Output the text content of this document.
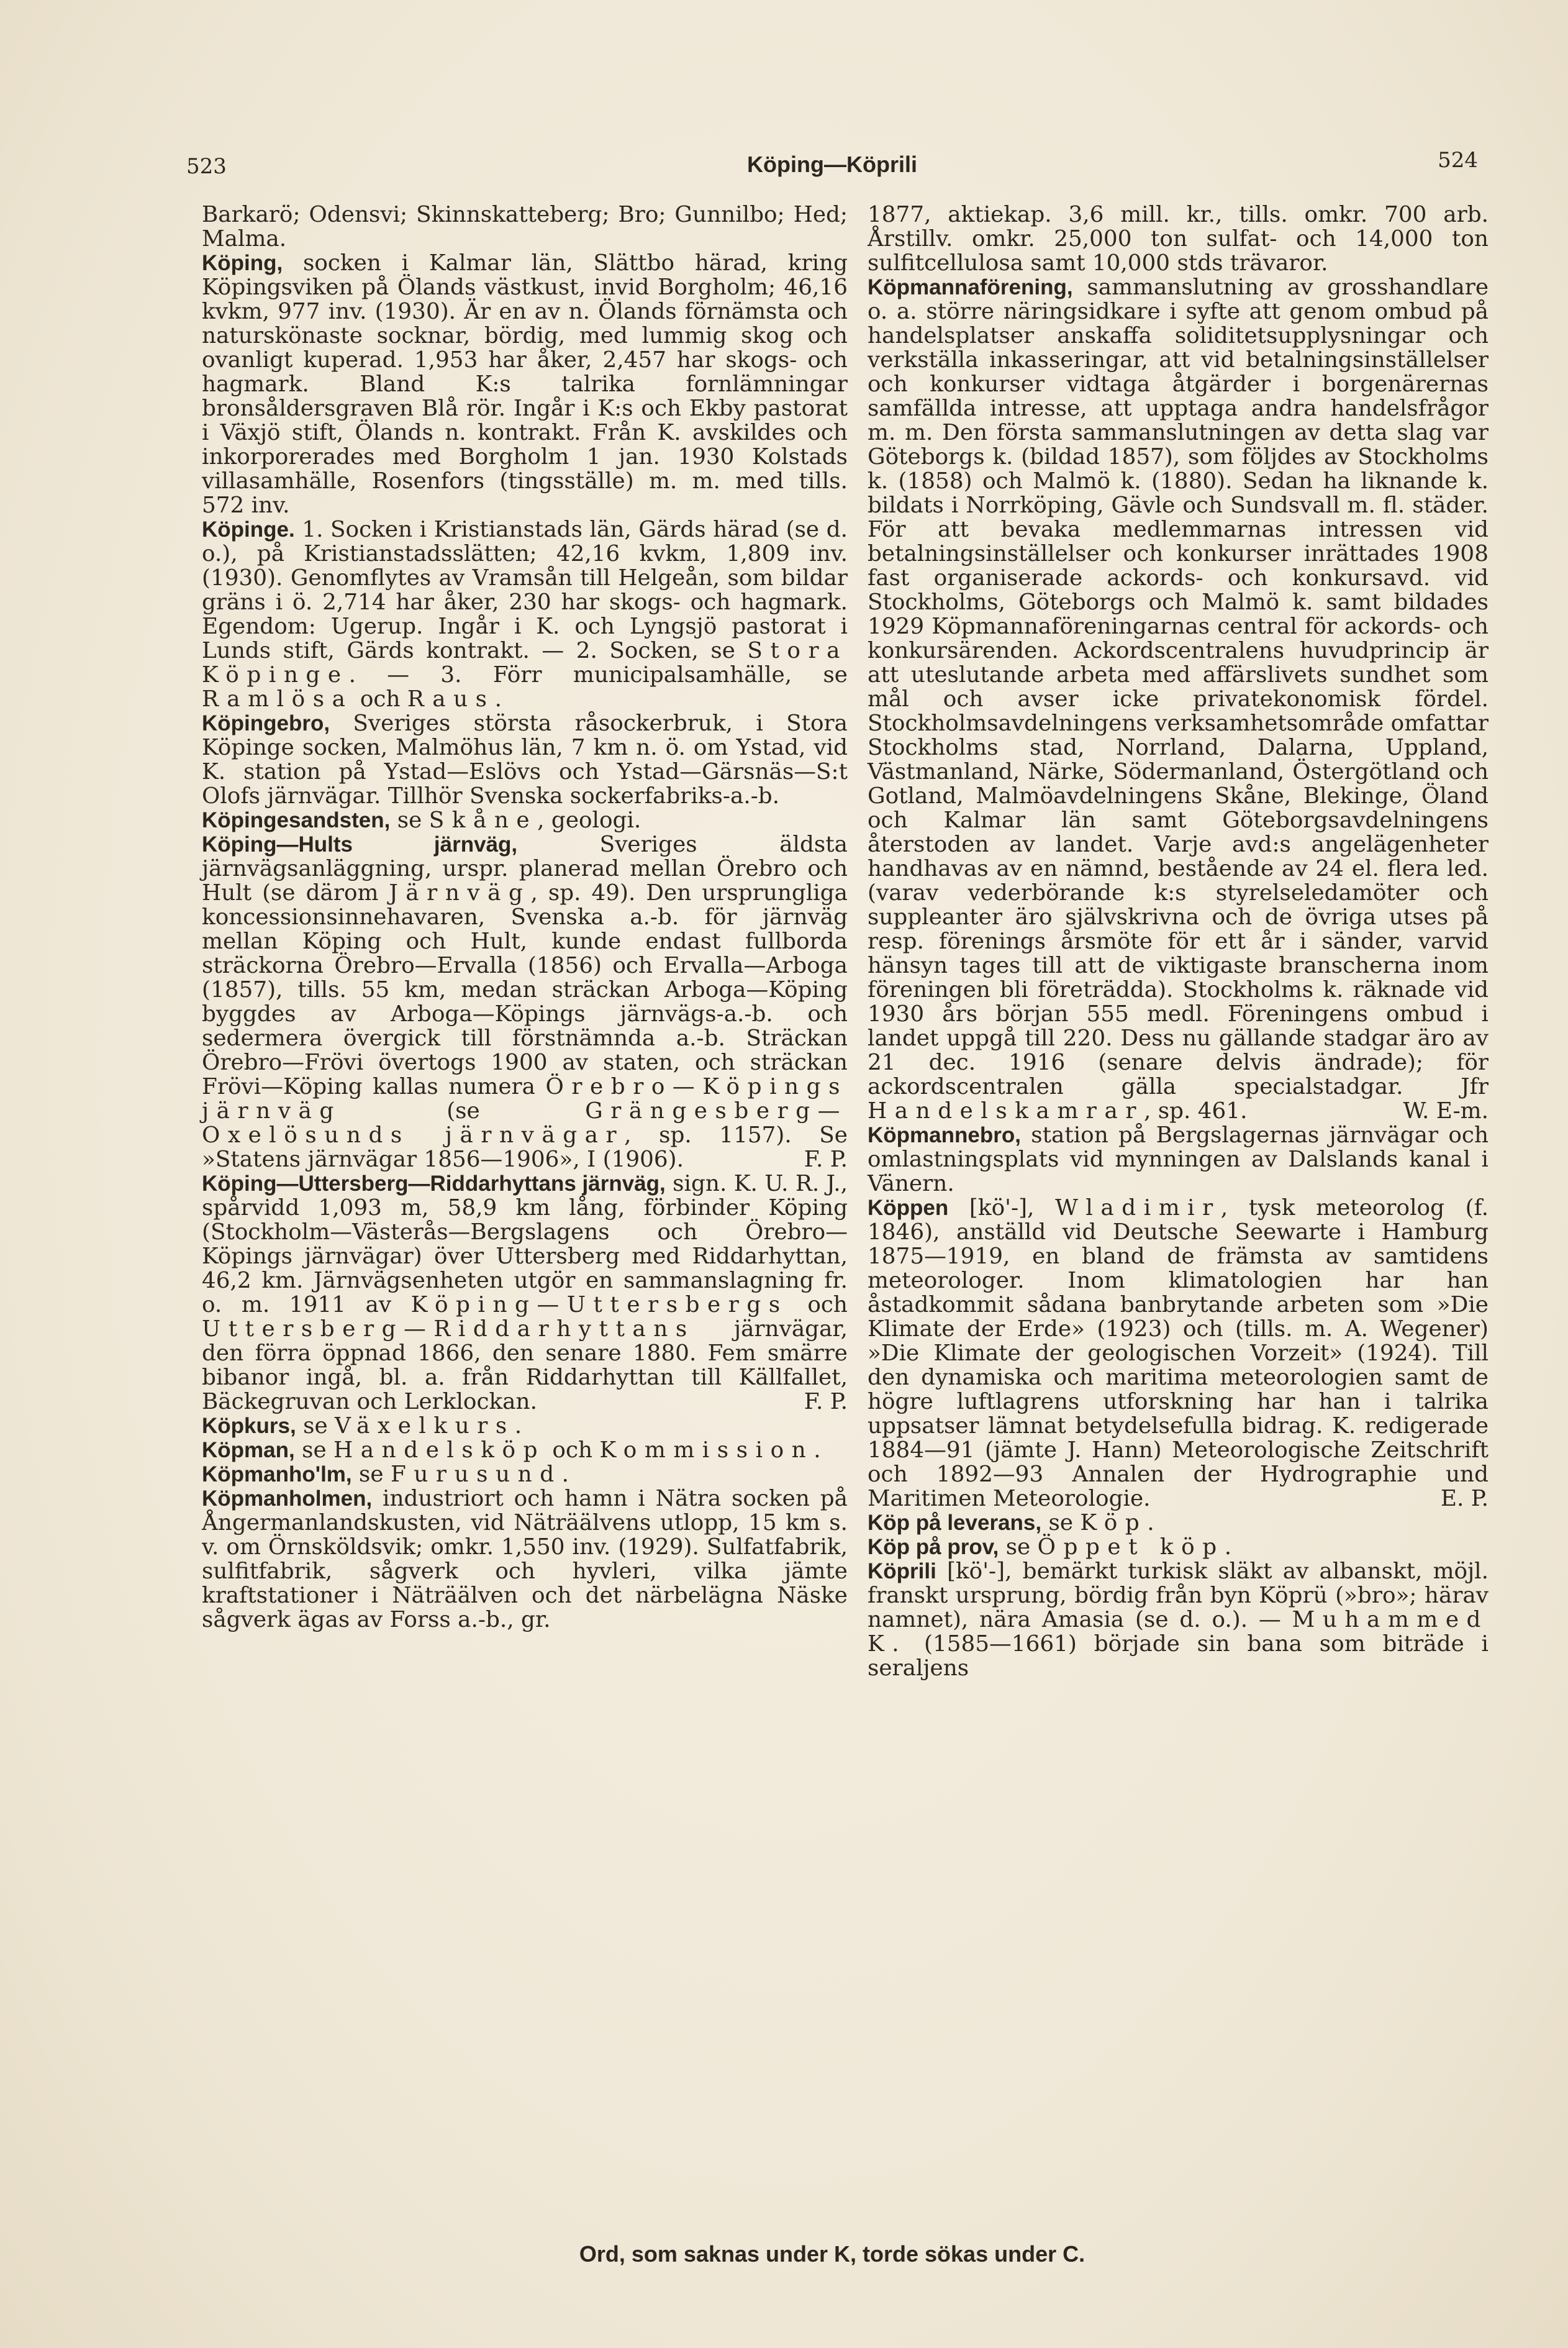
523	Köping—Köprili	524

Barkarö; Odensvi; Skinnskatteberg; Bro; Gunnilbo; Hed; Malma.

Köping, socken i Kalmar län, Slättbo härad, kring Köpingsviken på Ölands västkust, invid Borgholm; 46,16 kvkm, 977 inv. (1930). Är en av n. Ölands förnämsta och naturskönaste socknar, bördig, med lummig skog och ovanligt kuperad. 1,953 har åker, 2,457 har skogs- och hagmark. Bland K:s talrika fornlämningar bronsåldersgraven Blå rör. Ingår i K:s och Ekby pastorat i Växjö stift, Ölands n. kontrakt. Från K. avskildes och inkorporerades med Borgholm 1 jan. 1930 Kolstads villasamhälle, Rosenfors (tingsställe) m. m. med tills. 572 inv.

Köpinge. 1. Socken i Kristianstads län, Gärds härad (se d. o.), på Kristianstadsslätten; 42,16 kvkm, 1,809 inv. (1930). Genomflytes av Vramsån till Helgeån, som bildar gräns i ö. 2,714 har åker, 230 har skogs- och hagmark. Egendom: Ugerup. Ingår i K. och Lyngsjö pastorat i Lunds stift, Gärds kontrakt. — 2. Socken, se Stora Köpinge. — 3. Förr municipalsamhälle, se Ramlösa och Raus.

Köpingebro, Sveriges största råsockerbruk, i Stora Köpinge socken, Malmöhus län, 7 km n. ö. om Ystad, vid K. station på Ystad—Eslövs och Ystad—Gärsnäs—S:t Olofs järnvägar. Tillhör Svenska sockerfabriks-a.-b.

Köpingesandsten, se Skåne, geologi.

Köping—Hults järnväg, Sveriges äldsta järnvägsanläggning, urspr. planerad mellan Örebro och Hult (se därom Järnväg, sp. 49). Den ursprungliga koncessionsinnehavaren, Svenska a.-b. för järnväg mellan Köping och Hult, kunde endast fullborda sträckorna Örebro—Ervalla (1856) och Ervalla—Arboga (1857), tills. 55 km, medan sträckan Arboga—Köping byggdes av Arboga—Köpings järnvägs-a.-b. och sedermera övergick till förstnämnda a.-b. Sträckan Örebro—Frövi övertogs 1900 av staten, och sträckan Frövi—Köping kallas numera Örebro—Köpings järnväg (se Grängesberg—Oxelösunds järnvägar, sp. 1157). Se »Statens järnvägar 1856—1906», I (1906).	F. P.

Köping—Uttersberg—Riddarhyttans järnväg, sign. K. U. R. J., spårvidd 1,093 m, 58,9 km lång, förbinder Köping (Stockholm—Västerås—Bergslagens och Örebro—Köpings järnvägar) över Uttersberg med Riddarhyttan, 46,2 km. Järnvägsenheten utgör en sammanslagning fr. o. m. 1911 av Köping—Uttersbergs och Uttersberg—Riddarhyttans järnvägar, den förra öppnad 1866, den senare 1880. Fem smärre bibanor ingå, bl. a. från Riddarhyttan till Källfallet, Bäckegruvan och Lerklockan.	F. P.

Köpkurs, se Växelkurs.

Köpman, se Handelsköp och Kommission.

Köpmanho'lm, se Furusund.

Köpmanholmen, industriort och hamn i Nätra socken på Ångermanlandskusten, vid Näträälvens utlopp, 15 km s. v. om Örnsköldsvik; omkr. 1,550 inv. (1929). Sulfatfabrik, sulfitfabrik, sågverk och hyvleri, vilka jämte kraftstationer i Näträälven och det närbelägna Näske sågverk ägas av Forss a.-b., gr.

1877, aktiekap. 3,6 mill. kr., tills. omkr. 700 arb. Årstillv. omkr. 25,000 ton sulfat- och 14,000 ton sulfitcellulosa samt 10,000 stds trävaror.

Köpmannaförening, sammanslutning av grosshandlare o. a. större näringsidkare i syfte att genom ombud på handelsplatser anskaffa soliditetsupplysningar och verkställa inkasseringar, att vid betalningsinställelser och konkurser vidtaga åtgärder i borgenärernas samfällda intresse, att upptaga andra handelsfrågor m. m. Den första sammanslutningen av detta slag var Göteborgs k. (bildad 1857), som följdes av Stockholms k. (1858) och Malmö k. (1880). Sedan ha liknande k. bildats i Norrköping, Gävle och Sundsvall m. fl. städer. För att bevaka medlemmarnas intressen vid betalningsinställelser och konkurser inrättades 1908 fast organiserade ackords- och konkursavd. vid Stockholms, Göteborgs och Malmö k. samt bildades 1929 Köpmannaföreningarnas central för ackords- och konkursärenden. Ackordscentralens huvudprincip är att uteslutande arbeta med affärslivets sundhet som mål och avser icke privatekonomisk fördel. Stockholmsavdelningens verksamhetsområde omfattar Stockholms stad, Norrland, Dalarna, Uppland, Västmanland, Närke, Södermanland, Östergötland och Gotland, Malmöavdelningens Skåne, Blekinge, Öland och Kalmar län samt Göteborgsavdelningens återstoden av landet. Varje avd:s angelägenheter handhavas av en nämnd, bestående av 24 el. flera led. (varav vederbörande k:s styrelseledamöter och suppleanter äro självskrivna och de övriga utses på resp. förenings årsmöte för ett år i sänder, varvid hänsyn tages till att de viktigaste branscherna inom föreningen bli företrädda). Stockholms k. räknade vid 1930 års början 555 medl. Föreningens ombud i landet uppgå till 220. Dess nu gällande stadgar äro av 21 dec. 1916 (senare delvis ändrade); för ackordscentralen gälla specialstadgar. Jfr Handelskamrar, sp. 461.	W. E-m.

Köpmannebro, station på Bergslagernas järnvägar och omlastningsplats vid mynningen av Dalslands kanal i Vänern.

Köppen [kö'-], Wladimir, tysk meteorolog (f. 1846), anställd vid Deutsche Seewarte i Hamburg 1875—1919, en bland de främsta av samtidens meteorologer. Inom klimatologien har han åstadkommit sådana banbrytande arbeten som »Die Klimate der Erde» (1923) och (tills. m. A. Wegener) »Die Klimate der geologischen Vorzeit» (1924). Till den dynamiska och maritima meteorologien samt de högre luftlagrens utforskning har han i talrika uppsatser lämnat betydelsefulla bidrag. K. redigerade 1884—91 (jämte J. Hann) Meteorologische Zeitschrift och 1892—93 Annalen der Hydrographie und Maritimen Meteorologie.	E. P.

Köp på leverans, se Köp.

Köp på prov, se Öppet köp.

Köprili [kö'-], bemärkt turkisk släkt av albanskt, möjl. franskt ursprung, bördig från byn Köprü (»bro»; härav namnet), nära Amasia (se d. o.). — Muhammed K. (1585—1661) började sin bana som biträde i seraljens

Ord, som saknas under K, torde sökas under C.
